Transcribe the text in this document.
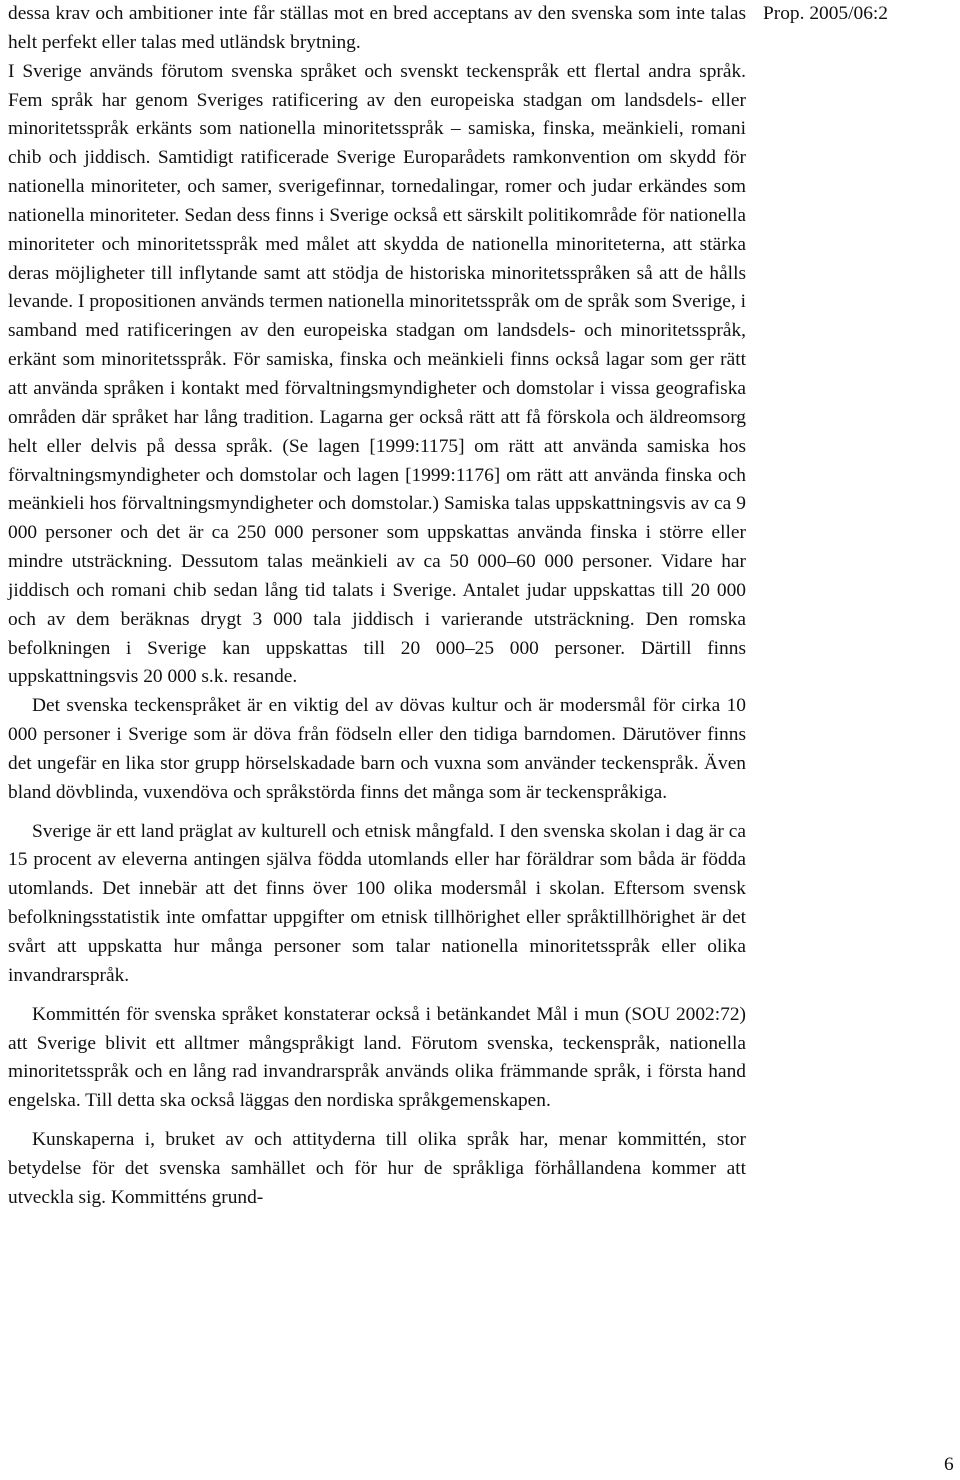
dessa krav och ambitioner inte får ställas mot en bred acceptans av den svenska som inte talas helt perfekt eller talas med utländsk brytning.

I Sverige används förutom svenska språket och svenskt teckenspråk ett flertal andra språk. Fem språk har genom Sveriges ratificering av den europeiska stadgan om landsdels- eller minoritetsspråk erkänts som nationella minoritetsspråk – samiska, finska, meänkieli, romani chib och jiddisch. Samtidigt ratificerade Sverige Europarådets ramkonvention om skydd för nationella minoriteter, och samer, sverigefinnar, tornedalingar, romer och judar erkändes som nationella minoriteter. Sedan dess finns i Sverige också ett särskilt politikområde för nationella minoriteter och minoritetsspråk med målet att skydda de nationella minoriteterna, att stärka deras möjligheter till inflytande samt att stödja de historiska minoritetsspråken så att de hålls levande. I propositionen används termen nationella minoritetsspråk om de språk som Sverige, i samband med ratificeringen av den europeiska stadgan om landsdels- och minoritetsspråk, erkänt som minoritetsspråk. För samiska, finska och meänkieli finns också lagar som ger rätt att använda språken i kontakt med förvaltningsmyndigheter och domstolar i vissa geografiska områden där språket har lång tradition. Lagarna ger också rätt att få förskola och äldreomsorg helt eller delvis på dessa språk. (Se lagen [1999:1175] om rätt att använda samiska hos förvaltningsmyndigheter och domstolar och lagen [1999:1176] om rätt att använda finska och meänkieli hos förvaltningsmyndigheter och domstolar.) Samiska talas uppskattningsvis av ca 9 000 personer och det är ca 250 000 personer som uppskattas använda finska i större eller mindre utsträckning. Dessutom talas meänkieli av ca 50 000–60 000 personer. Vidare har jiddisch och romani chib sedan lång tid talats i Sverige. Antalet judar uppskattas till 20 000 och av dem beräknas drygt 3 000 tala jiddisch i varierande utsträckning. Den romska befolkningen i Sverige kan uppskattas till 20 000–25 000 personer. Därtill finns uppskattningsvis 20 000 s.k. resande.

Det svenska teckenspråket är en viktig del av dövas kultur och är modersmål för cirka 10 000 personer i Sverige som är döva från födseln eller den tidiga barndomen. Därutöver finns det ungefär en lika stor grupp hörselskadade barn och vuxna som använder teckenspråk. Även bland dövblinda, vuxendöva och språkstörda finns det många som är teckenspråkiga.

Sverige är ett land präglat av kulturell och etnisk mångfald. I den svenska skolan i dag är ca 15 procent av eleverna antingen själva födda utomlands eller har föräldrar som båda är födda utomlands. Det innebär att det finns över 100 olika modersmål i skolan. Eftersom svensk befolkningsstatistik inte omfattar uppgifter om etnisk tillhörighet eller språktillhörighet är det svårt att uppskatta hur många personer som talar nationella minoritetsspråk eller olika invandrarspråk.

Kommittén för svenska språket konstaterar också i betänkandet Mål i mun (SOU 2002:72) att Sverige blivit ett alltmer mångspråkigt land. Förutom svenska, teckenspråk, nationella minoritetsspråk och en lång rad invandrarspråk används olika främmande språk, i första hand engelska. Till detta ska också läggas den nordiska språkgemenskapen.

Kunskaperna i, bruket av och attityderna till olika språk har, menar kommittén, stor betydelse för det svenska samhället och för hur de språkliga förhållandena kommer att utveckla sig. Kommitténs grund-

Prop. 2005/06:2
6
